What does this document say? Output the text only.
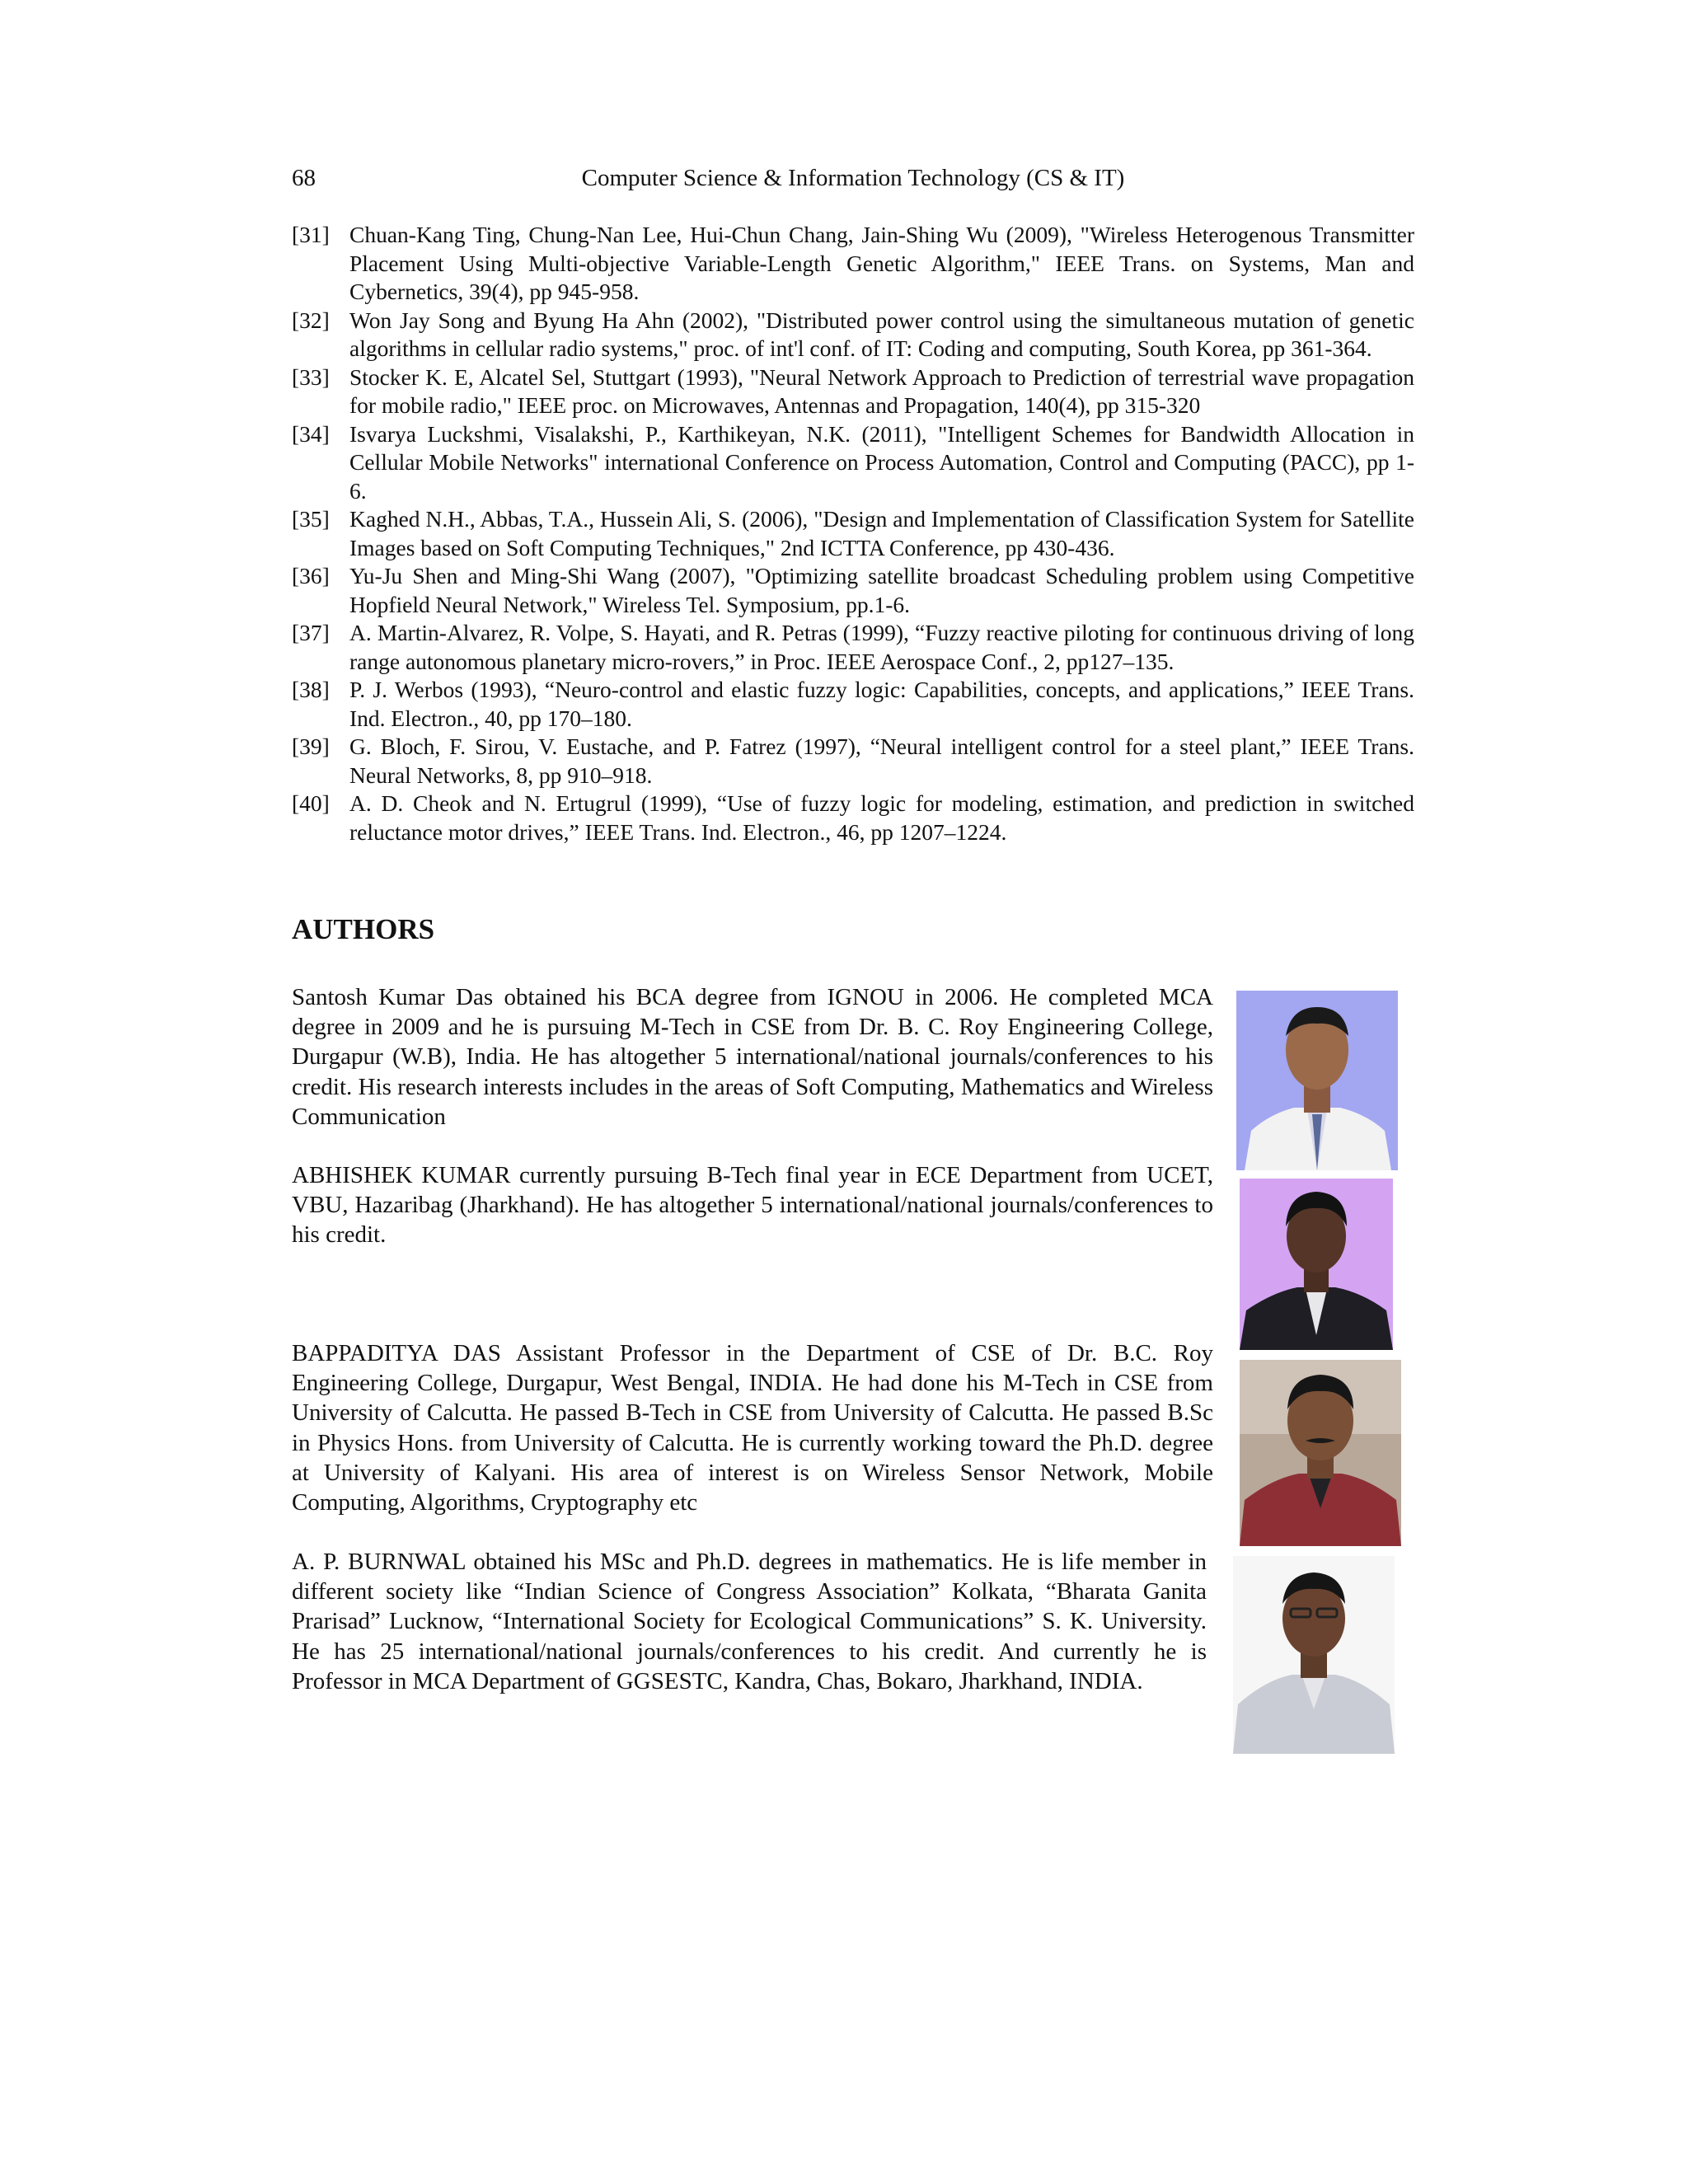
68	Computer Science & Information Technology (CS & IT)
[31] Chuan-Kang Ting, Chung-Nan Lee, Hui-Chun Chang, Jain-Shing Wu (2009), "Wireless Heterogenous Transmitter Placement Using Multi-objective Variable-Length Genetic Algorithm," IEEE Trans. on Systems, Man and Cybernetics, 39(4), pp 945-958.
[32] Won Jay Song and Byung Ha Ahn (2002), "Distributed power control using the simultaneous mutation of genetic algorithms in cellular radio systems," proc. of int'l conf. of IT: Coding and computing, South Korea, pp 361-364.
[33] Stocker K. E, Alcatel Sel, Stuttgart (1993), "Neural Network Approach to Prediction of terrestrial wave propagation for mobile radio," IEEE proc. on Microwaves, Antennas and Propagation, 140(4), pp 315-320
[34] Isvarya Luckshmi, Visalakshi, P., Karthikeyan, N.K. (2011), "Intelligent Schemes for Bandwidth Allocation in Cellular Mobile Networks" international Conference on Process Automation, Control and Computing (PACC), pp 1-6.
[35] Kaghed N.H., Abbas, T.A., Hussein Ali, S. (2006), "Design and Implementation of Classification System for Satellite Images based on Soft Computing Techniques," 2nd ICTTA Conference, pp 430-436.
[36] Yu-Ju Shen and Ming-Shi Wang (2007), "Optimizing satellite broadcast Scheduling problem using Competitive Hopfield Neural Network," Wireless Tel. Symposium, pp.1-6.
[37] A. Martin-Alvarez, R. Volpe, S. Hayati, and R. Petras (1999), “Fuzzy reactive piloting for continuous driving of long range autonomous planetary micro-rovers,” in Proc. IEEE Aerospace Conf., 2, pp127–135.
[38] P. J. Werbos (1993), “Neuro-control and elastic fuzzy logic: Capabilities, concepts, and applications,” IEEE Trans. Ind. Electron., 40, pp 170–180.
[39] G. Bloch, F. Sirou, V. Eustache, and P. Fatrez (1997), “Neural intelligent control for a steel plant,” IEEE Trans. Neural Networks, 8, pp 910–918.
[40] A. D. Cheok and N. Ertugrul (1999), “Use of fuzzy logic for modeling, estimation, and prediction in switched reluctance motor drives,” IEEE Trans. Ind. Electron., 46, pp 1207–1224.
AUTHORS
Santosh Kumar Das obtained his BCA degree from IGNOU in 2006. He completed MCA degree in 2009 and he is pursuing M-Tech in CSE from Dr. B. C. Roy Engineering College, Durgapur (W.B), India. He has altogether 5 international/national journals/conferences to his credit. His research interests includes in the areas of Soft Computing, Mathematics and Wireless Communication
ABHISHEK KUMAR currently pursuing B-Tech final year in ECE Department from UCET, VBU, Hazaribag (Jharkhand). He has altogether 5 international/national journals/conferences to his credit.
BAPPADITYA DAS Assistant Professor in the Department of CSE of Dr. B.C. Roy Engineering College, Durgapur, West Bengal, INDIA. He had done his M-Tech in CSE from University of Calcutta. He passed B-Tech in CSE from University of Calcutta. He passed B.Sc in Physics Hons. from University of Calcutta. He is currently working toward the Ph.D. degree at University of Kalyani. His area of interest is on Wireless Sensor Network, Mobile Computing, Algorithms, Cryptography etc
A. P. BURNWAL obtained his MSc and Ph.D. degrees in mathematics. He is life member in different society like “Indian Science of Congress Association” Kolkata, “Bharata Ganita Prarisad” Lucknow, “International Society for Ecological Communications” S. K. University. He has 25 international/national journals/conferences to his credit. And currently he is Professor in MCA Department of GGSESTC, Kandra, Chas, Bokaro, Jharkhand, INDIA.
